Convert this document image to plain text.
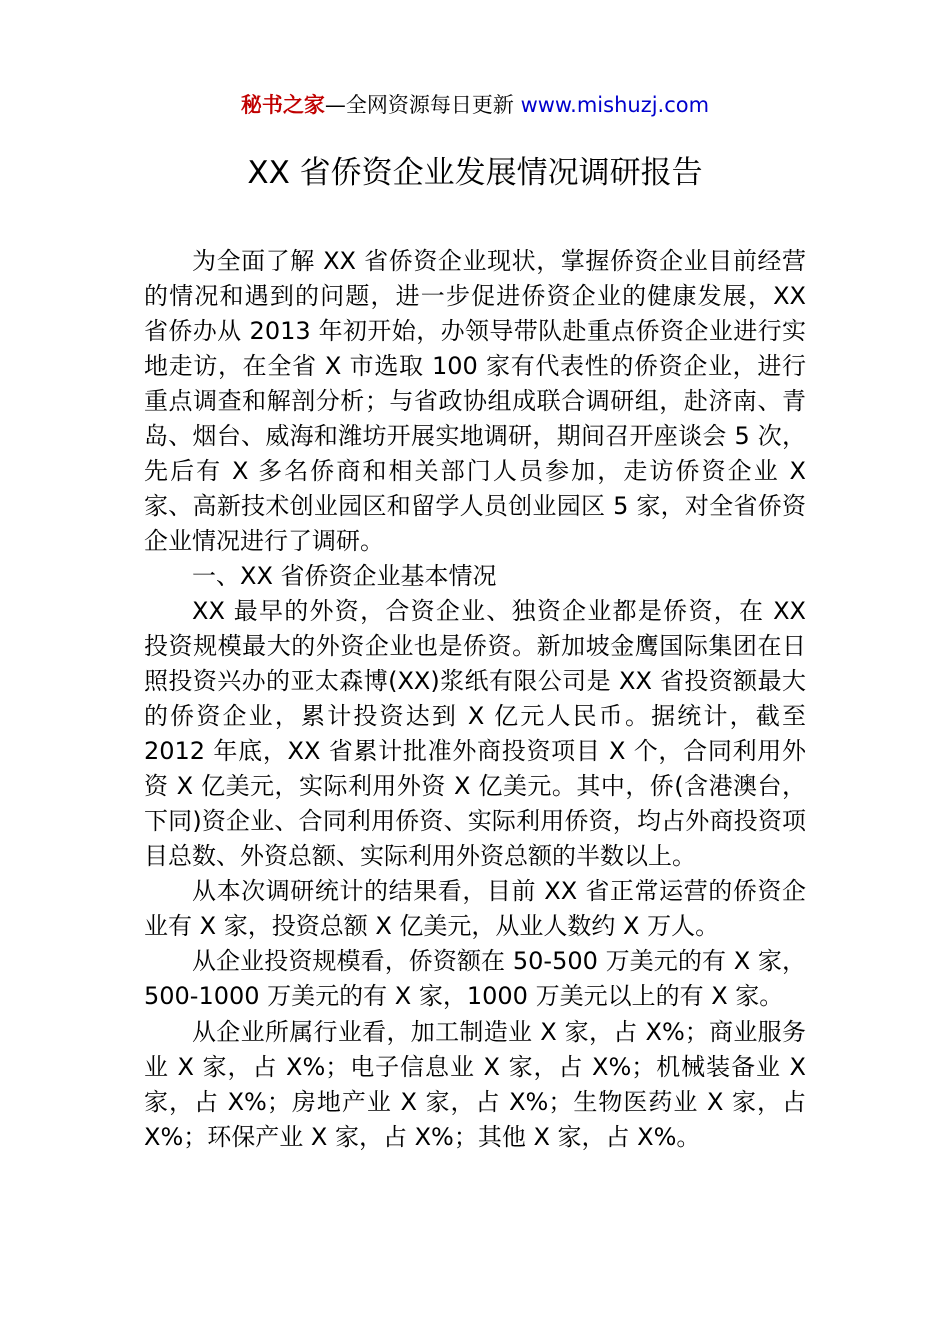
秘书之家—全网资源每日更新 www.mishuzj.com
XX 省侨资企业发展情况调研报告

为全面了解 XX 省侨资企业现状，掌握侨资企业目前经营的情况和遇到的问题，进一步促进侨资企业的健康发展，XX 省侨办从 2013 年初开始，办领导带队赴重点侨资企业进行实地走访，在全省 X 市选取 100 家有代表性的侨资企业，进行重点调查和解剖分析；与省政协组成联合调研组，赴济南、青岛、烟台、威海和潍坊开展实地调研，期间召开座谈会 5 次，先后有 X 多名侨商和相关部门人员参加，走访侨资企业 X 家、高新技术创业园区和留学人员创业园区 5 家，对全省侨资企业情况进行了调研。

一、XX 省侨资企业基本情况

XX 最早的外资，合资企业、独资企业都是侨资，在 XX 投资规模最大的外资企业也是侨资。新加坡金鹰国际集团在日照投资兴办的亚太森博(XX)浆纸有限公司是 XX 省投资额最大的侨资企业，累计投资达到 X 亿元人民币。据统计，截至 2012 年底，XX 省累计批准外商投资项目 X 个，合同利用外资 X 亿美元，实际利用外资 X 亿美元。其中，侨(含港澳台，下同)资企业、合同利用侨资、实际利用侨资，均占外商投资项目总数、外资总额、实际利用外资总额的半数以上。

从本次调研统计的结果看，目前 XX 省正常运营的侨资企业有 X 家，投资总额 X 亿美元，从业人数约 X 万人。

从企业投资规模看，侨资额在 50-500 万美元的有 X 家，500-1000 万美元的有 X 家，1000 万美元以上的有 X 家。

从企业所属行业看，加工制造业 X 家，占 X%；商业服务业 X 家，占 X%；电子信息业 X 家，占 X%；机械装备业 X 家，占 X%；房地产业 X 家，占 X%；生物医药业 X 家，占 X%；环保产业 X 家，占 X%；其他 X 家，占 X%。
